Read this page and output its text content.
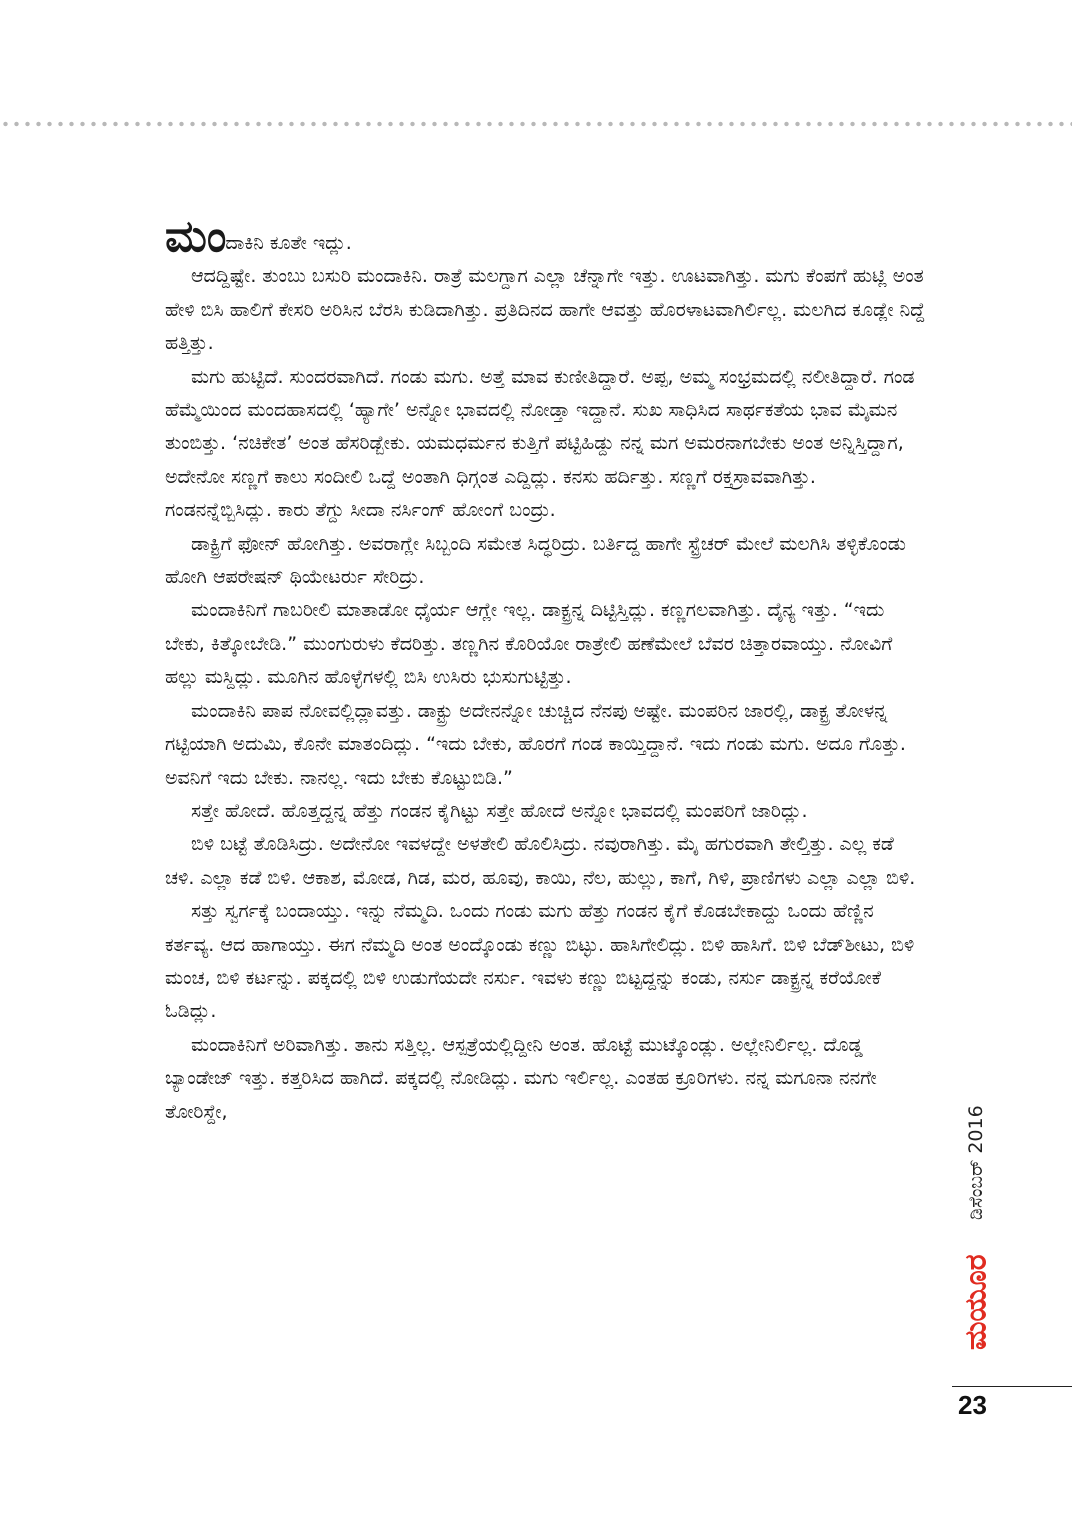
ಮಂದಾಕಿನಿ ಕೂತೇ ಇದ್ಲು.

ಆದದ್ದಿಷ್ಟೇ. ತುಂಬು ಬಸುರಿ ಮಂದಾಕಿನಿ. ರಾತ್ರೆ ಮಲಗ್ದಾಗ ಎಲ್ಲಾ ಚೆನ್ನಾಗೇ ಇತ್ತು. ಊಟವಾಗಿತ್ತು. ಮಗು ಕೆಂಪಗೆ ಹುಟ್ಲಿ ಅಂತ ಹೇಳಿ ಬಿಸಿ ಹಾಲಿಗೆ ಕೇಸರಿ ಅರಿಸಿನ ಬೆರಸಿ ಕುಡಿದಾಗಿತ್ತು. ಪ್ರತಿದಿನದ ಹಾಗೇ ಆವತ್ತು ಹೊರಳಾಟವಾಗಿರ್ಲಿಲ್ಲ. ಮಲಗಿದ ಕೂಡ್ಲೇ ನಿದ್ದೆ ಹತ್ತಿತ್ತು.

ಮಗು ಹುಟ್ಟಿದೆ. ಸುಂದರವಾಗಿದೆ. ಗಂಡು ಮಗು. ಅತ್ತೆ ಮಾವ ಕುಣೀತಿದ್ದಾರೆ. ಅಪ್ಪ, ಅಮ್ಮ ಸಂಭ್ರಮದಲ್ಲಿ ನಲೀತಿದ್ದಾರೆ. ಗಂಡ ಹೆಮ್ಮೆಯಿಂದ ಮಂದಹಾಸದಲ್ಲಿ ‘ಹ್ಯಾಗೇ’ ಅನ್ನೋ ಭಾವದಲ್ಲಿ ನೋಡ್ತಾ ಇದ್ದಾನೆ. ಸುಖ ಸಾಧಿಸಿದ ಸಾರ್ಥಕತೆಯ ಭಾವ ಮೈಮನ ತುಂಬಿತ್ತು. ‘ನಚಿಕೇತ’ ಅಂತ ಹೆಸರಿಡ್ಬೇಕು. ಯಮಧರ್ಮನ ಕುತ್ತಿಗೆ ಪಟ್ಟಿಹಿಡ್ದು ನನ್ನ ಮಗ ಅಮರನಾಗಬೇಕು ಅಂತ ಅನ್ನಿಸ್ತಿದ್ದಾಗ, ಅದೇನೋ ಸಣ್ಣಗೆ ಕಾಲು ಸಂದೀಲಿ ಒದ್ದೆ ಅಂತಾಗಿ ಧಿಗ್ಗಂತ ಎದ್ದಿದ್ಲು. ಕನಸು ಹರ್ದಿತ್ತು. ಸಣ್ಣಗೆ ರಕ್ತಸ್ರಾವವಾಗಿತ್ತು. ಗಂಡನನ್ನೆಬ್ಬಿಸಿದ್ಲು. ಕಾರು ತೆಗ್ದು ಸೀದಾ ನರ್ಸಿಂಗ್ ಹೋಂಗೆ ಬಂದ್ರು.

ಡಾಕ್ಟ್ರಿಗೆ ಫೋನ್ ಹೋಗಿತ್ತು. ಅವರಾಗ್ಲೇ ಸಿಬ್ಬಂದಿ ಸಮೇತ ಸಿದ್ಧರಿದ್ರು. ಬರ್ತಿದ್ದ ಹಾಗೇ ಸ್ಟ್ರೆಚರ್ ಮೇಲೆ ಮಲಗಿಸಿ ತಳ್ಳಿಕೊಂಡು ಹೋಗಿ ಆಪರೇಷನ್ ಥಿಯೇಟರ್ರು ಸೇರಿದ್ರು.

ಮಂದಾಕಿನಿಗೆ ಗಾಬರೀಲಿ ಮಾತಾಡೋ ಧೈರ್ಯ ಆಗ್ಲೇ ಇಲ್ಲ. ಡಾಕ್ಟ್ರನ್ನ ದಿಟ್ಟಿಸ್ತಿದ್ಲು. ಕಣ್ಣಗಲವಾಗಿತ್ತು. ದೈನ್ಯ ಇತ್ತು. “ಇದು ಬೇಕು, ಕಿತ್ಕೋಬೇಡಿ.” ಮುಂಗುರುಳು ಕೆದರಿತ್ತು. ತಣ್ಣಗಿನ ಕೊರಿಯೋ ರಾತ್ರೇಲಿ ಹಣೆಮೇಲೆ ಬೆವರ ಚಿತ್ತಾರವಾಯ್ತು. ನೋವಿಗೆ ಹಲ್ಲು ಮಸ್ದಿದ್ಲು. ಮೂಗಿನ ಹೊಳ್ಳೆಗಳಲ್ಲಿ ಬಿಸಿ ಉಸಿರು ಭುಸುಗುಟ್ಟಿತ್ತು.

ಮಂದಾಕಿನಿ ಪಾಪ ನೋವಲ್ಲಿದ್ಲಾವತ್ತು. ಡಾಕ್ಟ್ರು ಅದೇನನ್ನೋ ಚುಚ್ಚಿದ ನೆನಪು ಅಷ್ಟೇ. ಮಂಪರಿನ ಜಾರಲ್ಲಿ, ಡಾಕ್ಟ್ರ ತೋಳನ್ನ ಗಟ್ಟಿಯಾಗಿ ಅದುಮಿ, ಕೊನೇ ಮಾತಂದಿದ್ಲು. “ಇದು ಬೇಕು, ಹೊರಗೆ ಗಂಡ ಕಾಯ್ತಿದ್ದಾನೆ. ಇದು ಗಂಡು ಮಗು. ಅದೂ ಗೊತ್ತು. ಅವನಿಗೆ ಇದು ಬೇಕು. ನಾನಲ್ಲ. ಇದು ಬೇಕು ಕೊಟ್ಟುಬಿಡಿ.”

ಸತ್ತೇ ಹೋದೆ. ಹೊತ್ತದ್ದನ್ನ ಹೆತ್ತು ಗಂಡನ ಕೈಗಿಟ್ಟು ಸತ್ತೇ ಹೋದೆ ಅನ್ನೋ ಭಾವದಲ್ಲಿ ಮಂಪರಿಗೆ ಜಾರಿದ್ಲು.

ಬಿಳಿ ಬಟ್ಟೆ ತೊಡಿಸಿದ್ರು. ಅದೇನೋ ಇವಳದ್ದೇ ಅಳತೇಲಿ ಹೊಲಿಸಿದ್ರು. ನವುರಾಗಿತ್ತು. ಮೈ ಹಗುರವಾಗಿ ತೇಲ್ತಿತ್ತು. ಎಲ್ಲ ಕಡೆ ಚಳಿ. ಎಲ್ಲಾ ಕಡೆ ಬಿಳಿ. ಆಕಾಶ, ಮೋಡ, ಗಿಡ, ಮರ, ಹೂವು, ಕಾಯಿ, ನೆಲ, ಹುಲ್ಲು, ಕಾಗೆ, ಗಿಳಿ, ಪ್ರಾಣಿಗಳು ಎಲ್ಲಾ ಎಲ್ಲಾ ಬಿಳಿ.

ಸತ್ತು ಸ್ವರ್ಗಕ್ಕೆ ಬಂದಾಯ್ತು. ಇನ್ನು ನೆಮ್ಮದಿ. ಒಂದು ಗಂಡು ಮಗು ಹೆತ್ತು ಗಂಡನ ಕೈಗೆ ಕೊಡಬೇಕಾದ್ದು ಒಂದು ಹೆಣ್ಣಿನ ಕರ್ತವ್ಯ. ಆದ ಹಾಗಾಯ್ತು. ಈಗ ನೆಮ್ಮದಿ ಅಂತ ಅಂದ್ಕೊಂಡು ಕಣ್ಣು ಬಿಟ್ಳು. ಹಾಸಿಗೇಲಿದ್ಲು. ಬಿಳಿ ಹಾಸಿಗೆ. ಬಿಳಿ ಬೆಡ್‌ಶೀಟು, ಬಿಳಿ ಮಂಚ, ಬಿಳಿ ಕರ್ಟನ್ನು. ಪಕ್ಕದಲ್ಲಿ ಬಿಳಿ ಉಡುಗೆಯದೇ ನರ್ಸು. ಇವಳು ಕಣ್ಣು ಬಿಟ್ಟದ್ದನ್ನು ಕಂಡು, ನರ್ಸು ಡಾಕ್ಟ್ರನ್ನ ಕರೆಯೋಕೆ ಓಡಿದ್ಲು.

ಮಂದಾಕಿನಿಗೆ ಅರಿವಾಗಿತ್ತು. ತಾನು ಸತ್ತಿಲ್ಲ. ಆಸ್ಪತ್ರೆಯಲ್ಲಿದ್ದೀನಿ ಅಂತ. ಹೊಟ್ಟೆ ಮುಟ್ಕೊಂಡ್ಲು. ಅಲ್ಲೇನಿರ್ಲಿಲ್ಲ. ದೊಡ್ಡ ಬ್ಯಾಂಡೇಜ್ ಇತ್ತು. ಕತ್ತರಿಸಿದ ಹಾಗಿದೆ. ಪಕ್ಕದಲ್ಲಿ ನೋಡಿದ್ಲು. ಮಗು ಇರ್ಲಿಲ್ಲ. ಎಂತಹ ಕ್ರೂರಿಗಳು. ನನ್ನ ಮಗೂನಾ ನನಗೇ ತೋರಿಸ್ದೇ,	ಡಿಸೆಂಬರ್ 2016
ಮಯೂರ
23
